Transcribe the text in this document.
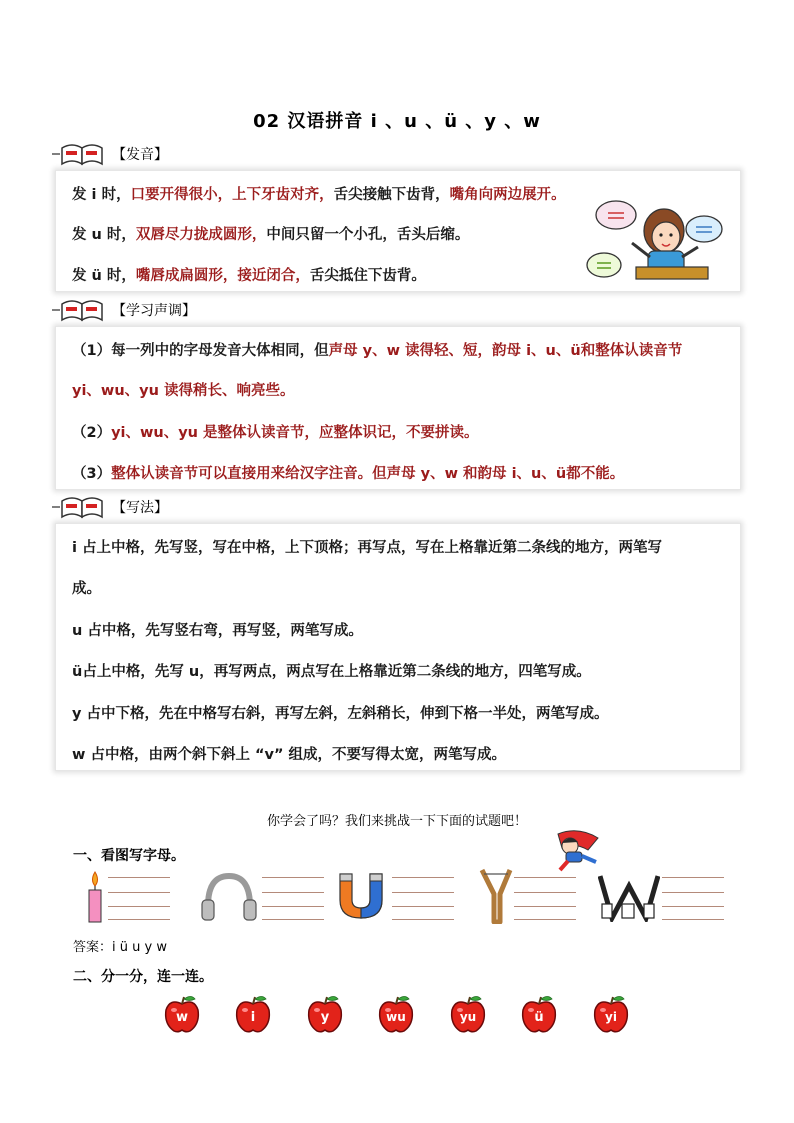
02 汉语拼音 i 、u 、ü 、y 、w
【发音】
发 i 时，口要开得很小，上下牙齿对齐，舌尖接触下齿背，嘴角向两边展开。
发 u 时，双唇尽力拢成圆形，中间只留一个小孔，舌头后缩。
发 ü 时，嘴唇成扁圆形，接近闭合，舌尖抵住下齿背。
【学习声调】
（1）每一列中的字母发音大体相同，但声母 y、w 读得轻、短，韵母 i、u、ü和整体认读音节
yi、wu、yu 读得稍长、响亮些。
（2）yi、wu、yu 是整体认读音节，应整体识记，不要拼读。
（3）整体认读音节可以直接用来给汉字注音。但声母 y、w 和韵母 i、u、ü都不能。
【写法】
i 占上中格，先写竖，写在中格，上下顶格；再写点，写在上格靠近第二条线的地方，两笔写
成。
u 占中格，先写竖右弯，再写竖，两笔写成。
ü占上中格，先写 u，再写两点，两点写在上格靠近第二条线的地方，四笔写成。
y 占中下格，先在中格写右斜，再写左斜，左斜稍长，伸到下格一半处，两笔写成。
w 占中格，由两个斜下斜上 “v” 组成，不要写得太宽，两笔写成。
你学会了吗？我们来挑战一下下面的试题吧！
一、看图写字母。
答案：i ü u y w
二、分一分，连一连。
w	i	y	wu	yu	ü	yi
